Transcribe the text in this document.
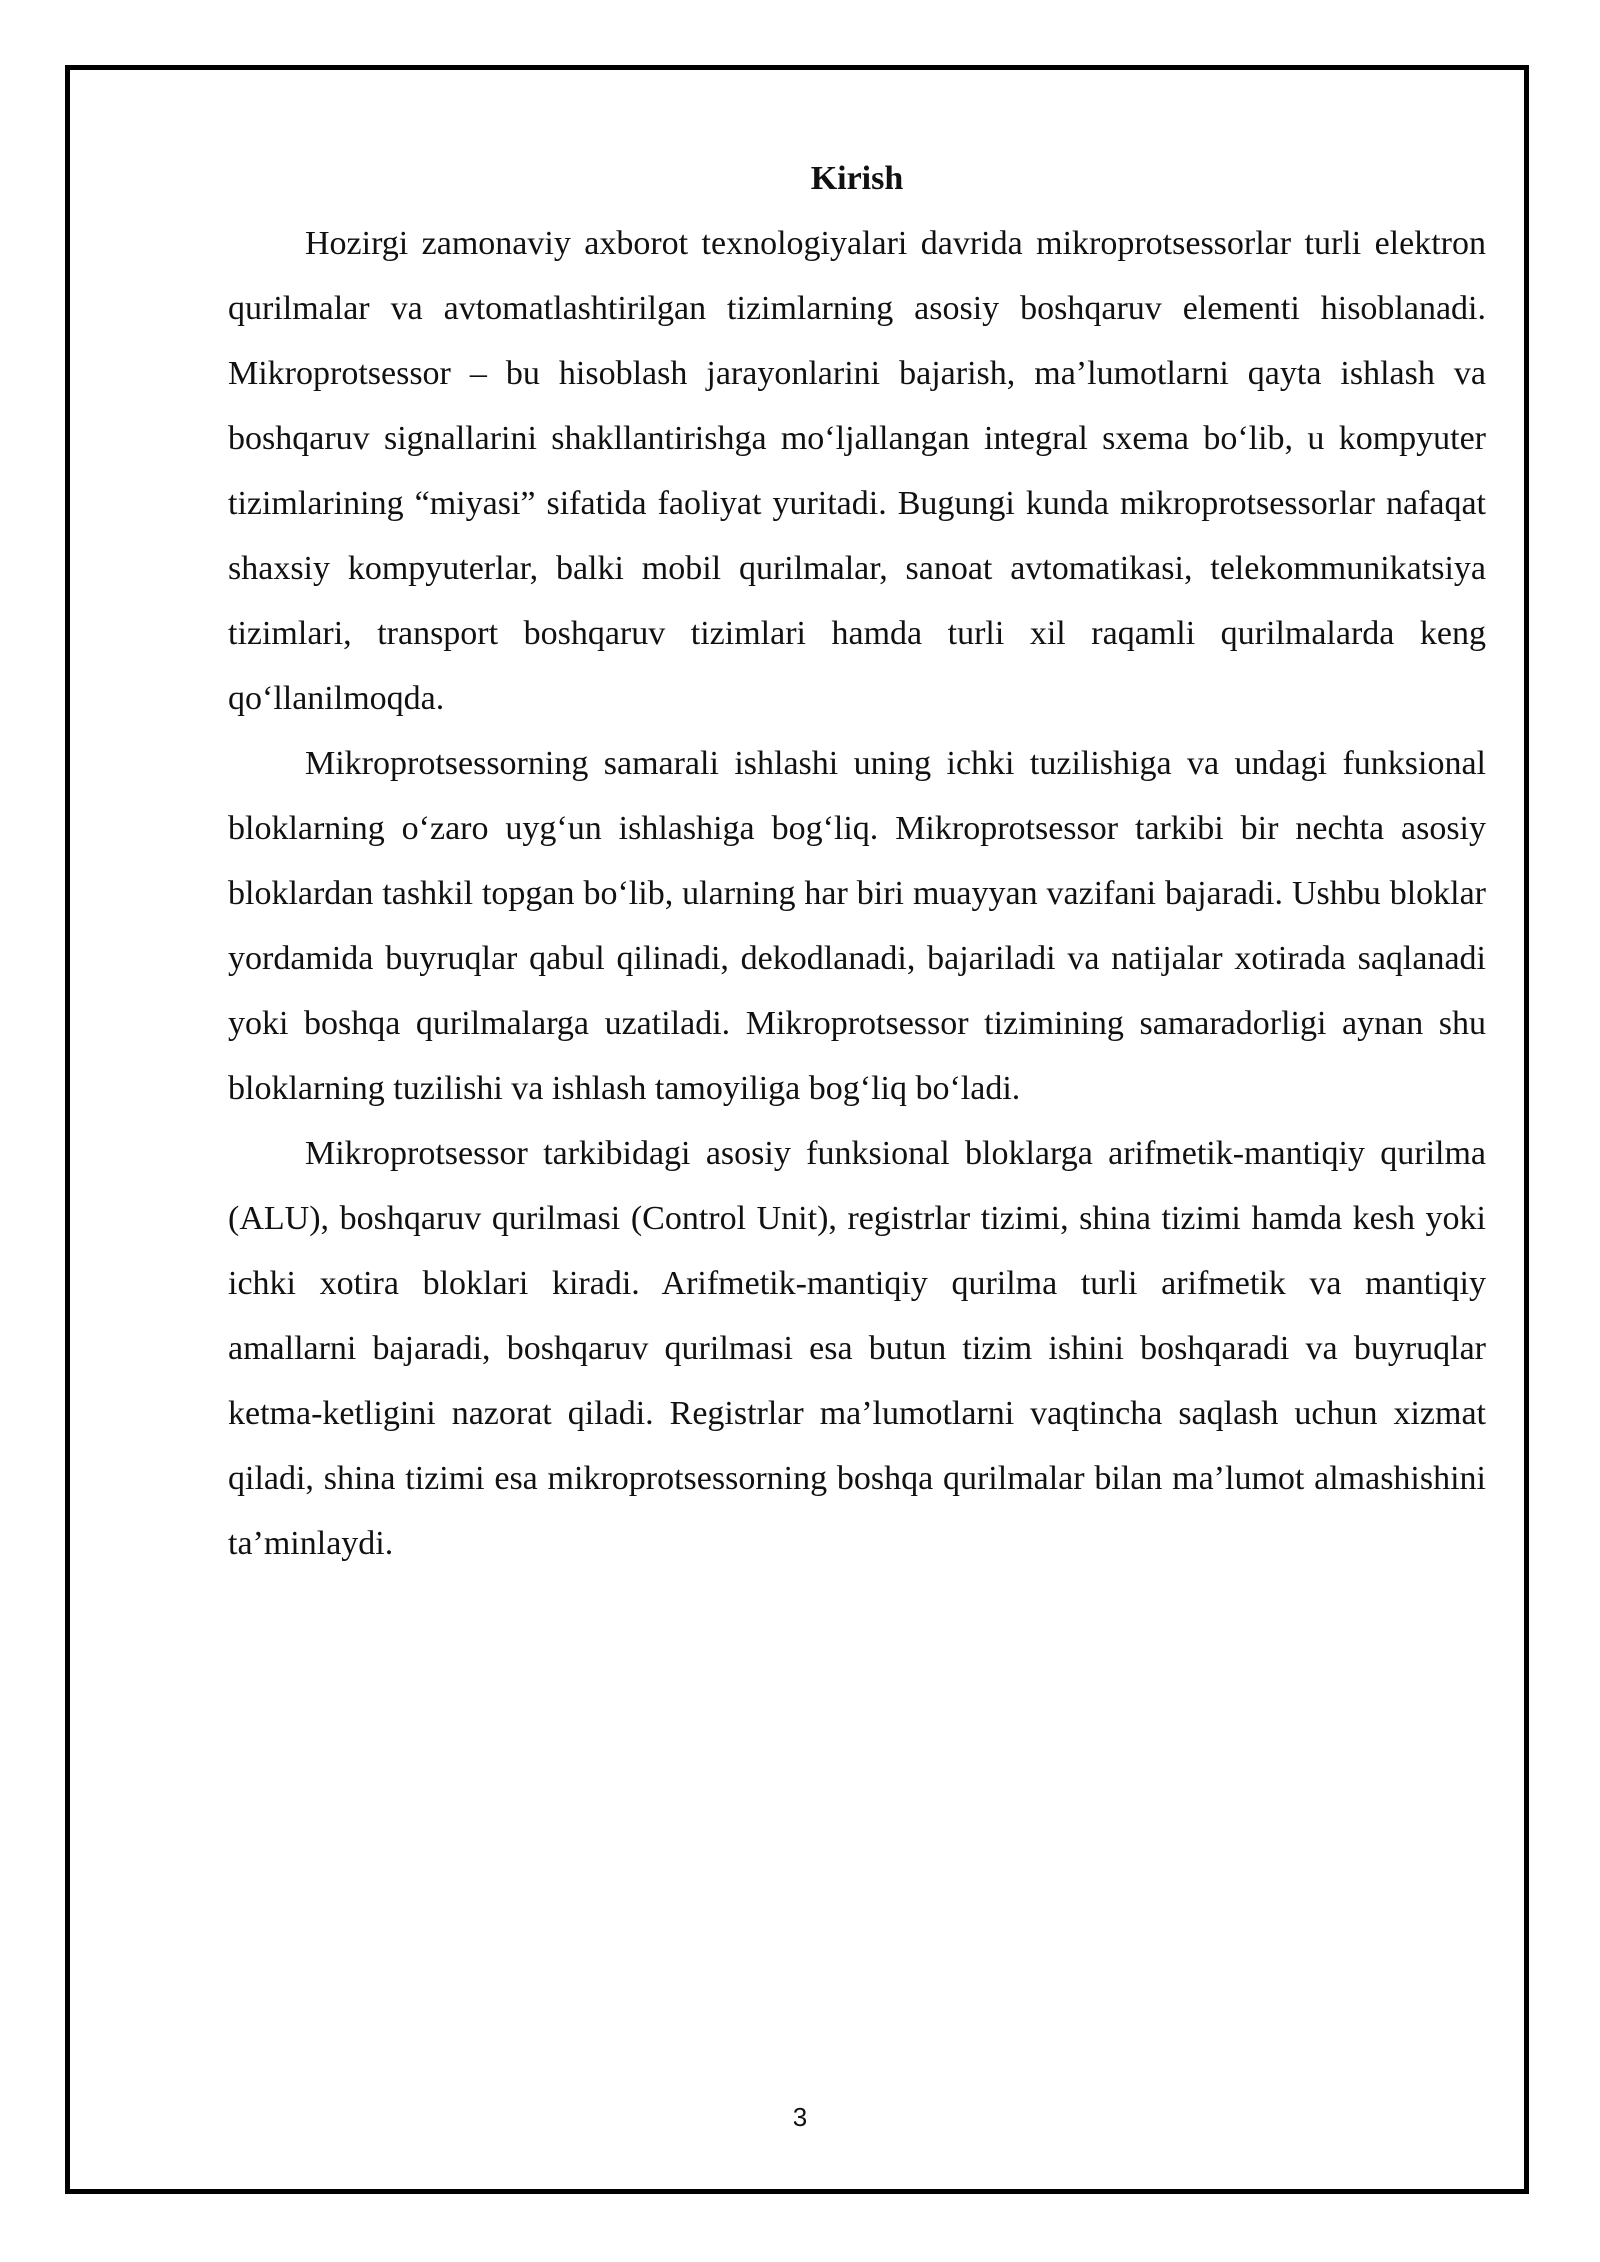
Kirish

Hozirgi zamonaviy axborot texnologiyalari davrida mikroprotsessorlar turli elektron qurilmalar va avtomatlashtirilgan tizimlarning asosiy boshqaruv elementi hisoblanadi. Mikroprotsessor – bu hisoblash jarayonlarini bajarish, ma’lumotlarni qayta ishlash va boshqaruv signallarini shakllantirishga mo‘ljallangan integral sxema bo‘lib, u kompyuter tizimlarining “miyasi” sifatida faoliyat yuritadi. Bugungi kunda mikroprotsessorlar nafaqat shaxsiy kompyuterlar, balki mobil qurilmalar, sanoat avtomatikasi, telekommunikatsiya tizimlari, transport boshqaruv tizimlari hamda turli xil raqamli qurilmalarda keng qo‘llanilmoqda.

Mikroprotsessorning samarali ishlashi uning ichki tuzilishiga va undagi funksional bloklarning o‘zaro uyg‘un ishlashiga bog‘liq. Mikroprotsessor tarkibi bir nechta asosiy bloklardan tashkil topgan bo‘lib, ularning har biri muayyan vazifani bajaradi. Ushbu bloklar yordamida buyruqlar qabul qilinadi, dekodlanadi, bajariladi va natijalar xotirada saqlanadi yoki boshqa qurilmalarga uzatiladi. Mikroprotsessor tizimining samaradorligi aynan shu bloklarning tuzilishi va ishlash tamoyiliga bog‘liq bo‘ladi.

Mikroprotsessor tarkibidagi asosiy funksional bloklarga arifmetik-mantiqiy qurilma (ALU), boshqaruv qurilmasi (Control Unit), registrlar tizimi, shina tizimi hamda kesh yoki ichki xotira bloklari kiradi. Arifmetik-mantiqiy qurilma turli arifmetik va mantiqiy amallarni bajaradi, boshqaruv qurilmasi esa butun tizim ishini boshqaradi va buyruqlar ketma-ketligini nazorat qiladi. Registrlar ma’lumotlarni vaqtincha saqlash uchun xizmat qiladi, shina tizimi esa mikroprotsessorning boshqa qurilmalar bilan ma’lumot almashishini ta’minlaydi.

3
